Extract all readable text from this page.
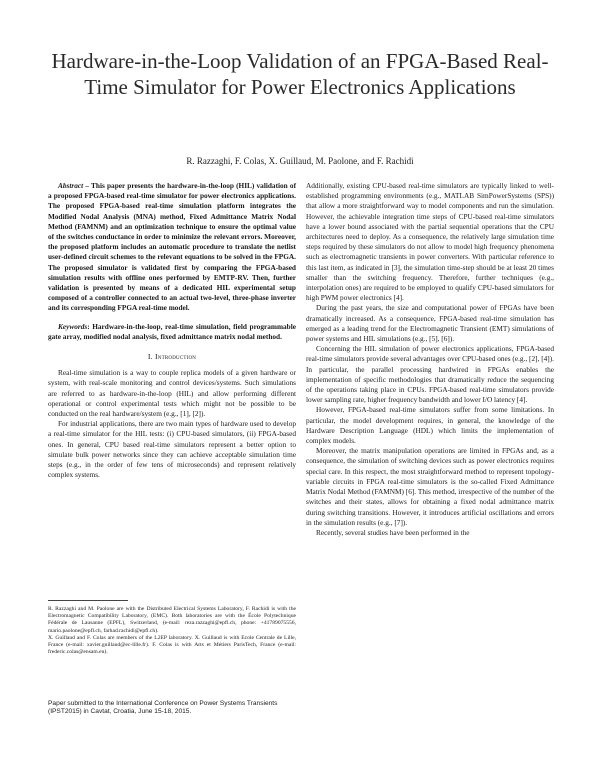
Hardware-in-the-Loop Validation of an FPGA-Based Real-Time Simulator for Power Electronics Applications
R. Razzaghi, F. Colas, X. Guillaud, M. Paolone, and F. Rachidi

Abstract – This paper presents the hardware-in-the-loop (HIL) validation of a proposed FPGA-based real-time simulator for power electronics applications. The proposed FPGA-based real-time simulation platform integrates the Modified Nodal Analysis (MNA) method, Fixed Admittance Matrix Nodal Method (FAMNM) and an optimization technique to ensure the optimal value of the switches conductance in order to minimize the relevant errors. Moreover, the proposed platform includes an automatic procedure to translate the netlist user-defined circuit schemes to the relevant equations to be solved in the FPGA. The proposed simulator is validated first by comparing the FPGA-based simulation results with offline ones performed by EMTP-RV. Then, further validation is presented by means of a dedicated HIL experimental setup composed of a controller connected to an actual two-level, three-phase inverter and its corresponding FPGA real-time model.

Keywords: Hardware-in-the-loop, real-time simulation, field programmable gate array, modified nodal analysis, fixed admittance matrix nodal method.

I. Introduction

Real-time simulation is a way to couple replica models of a given hardware or system, with real-scale monitoring and control devices/systems. Such simulations are referred to as hardware-in-the-loop (HIL) and allow performing different operational or control experimental tests which might not be possible to be conducted on the real hardware/system (e.g., [1], [2]).

For industrial applications, there are two main types of hardware used to develop a real-time simulator for the HIL tests: (i) CPU-based simulators, (ii) FPGA-based ones. In general, CPU based real-time simulators represent a better option to simulate bulk power networks since they can achieve acceptable simulation time steps (e.g., in the order of few tens of microseconds) and represent relatively complex systems.

R. Razzaghi and M. Paolone are with the Distributed Electrical Systems Laboratory, F. Rachidi is with the Electromagnetic Compatibility Laboratory, (EMC). Both laboratories are with the École Polytechnique Fédérale de Lausanne (EPFL), Switzerland, (e-mail: reza.razzaghi@epfl.ch, phone: +41789075556, mario.paolone@epfl.ch, farhad.rachidi@epfl.ch).

X. Guillaud and F. Colas are members of the L2EP laboratory. X. Guillaud is with Ecole Centrale de Lille, France (e-mail: xavier.guillaud@ec-lille.fr). F. Colas is with Arts et Métiers ParisTech, France (e-mail: frederic.colas@ensam.eu).

Paper submitted to the International Conference on Power Systems Transients (IPST2015) in Cavtat, Croatia, June 15-18, 2015.

Additionally, existing CPU-based real-time simulators are typically linked to well-established programming environments (e.g., MATLAB SimPowerSystems (SPS)) that allow a more straightforward way to model components and run the simulation. However, the achievable integration time steps of CPU-based real-time simulators have a lower bound associated with the partial sequential operations that the CPU architectures need to deploy. As a consequence, the relatively large simulation time steps required by these simulators do not allow to model high frequency phenomena such as electromagnetic transients in power converters. With particular reference to this last item, as indicated in [3], the simulation time-step should be at least 20 times smaller than the switching frequency. Therefore, further techniques (e.g., interpolation ones) are required to be employed to qualify CPU-based simulators for high PWM power electronics [4].

During the past years, the size and computational power of FPGAs have been dramatically increased. As a consequence, FPGA-based real-time simulation has emerged as a leading trend for the Electromagnetic Transient (EMT) simulations of power systems and HIL simulations (e.g., [5], [6]).

Concerning the HIL simulation of power electronics applications, FPGA-based real-time simulators provide several advantages over CPU-based ones (e.g., [2], [4]). In particular, the parallel processing hardwired in FPGAs enables the implementation of specific methodologies that dramatically reduce the sequencing of the operations taking place in CPUs. FPGA-based real-time simulators provide lower sampling rate, higher frequency bandwidth and lower I/O latency [4].

However, FPGA-based real-time simulators suffer from some limitations. In particular, the model development requires, in general, the knowledge of the Hardware Description Language (HDL) which limits the implementation of complex models.

Moreover, the matrix manipulation operations are limited in FPGAs and, as a consequence, the simulation of switching devices such as power electronics requires special care. In this respect, the most straightforward method to represent topology-variable circuits in FPGA real-time simulators is the so-called Fixed Admittance Matrix Nodal Method (FAMNM) [6]. This method, irrespective of the number of the switches and their states, allows for obtaining a fixed nodal admittance matrix during switching transitions. However, it introduces artificial oscillations and errors in the simulation results (e.g., [7]).

Recently, several studies have been performed in the
